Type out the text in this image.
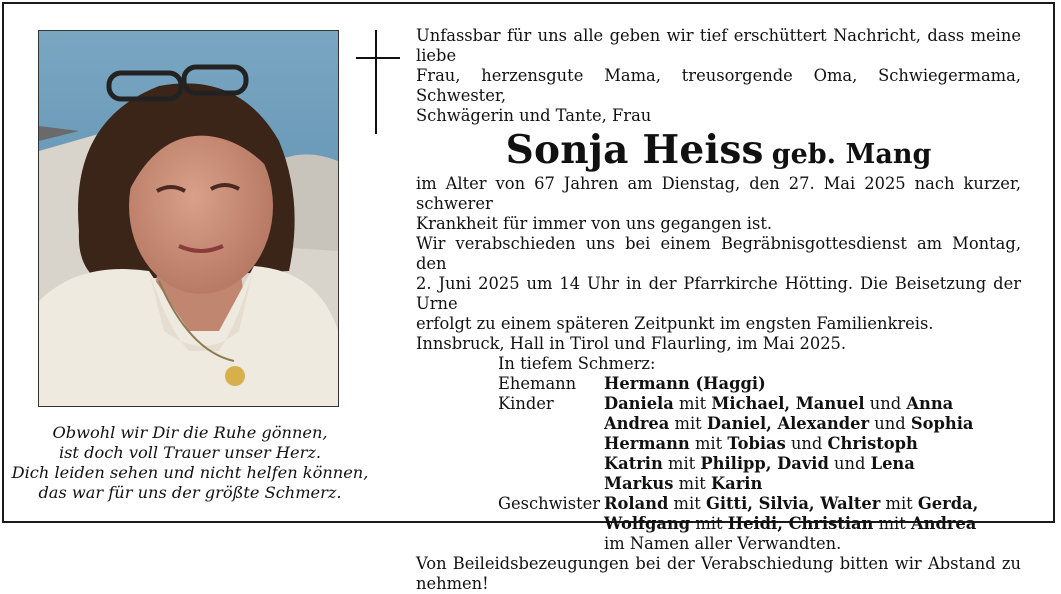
Obwohl wir Dir die Ruhe gönnen,
ist doch voll Trauer unser Herz.
Dich leiden sehen und nicht helfen können,
das war für uns der größte Schmerz.
Unfassbar für uns alle geben wir tief erschüttert Nachricht, dass meine liebe
Frau, herzensgute Mama, treusorgende Oma, Schwiegermama, Schwester,
Schwägerin und Tante, Frau
Sonja Heiss geb. Mang
im Alter von 67 Jahren am Dienstag, den 27. Mai 2025 nach kurzer, schwerer
Krankheit für immer von uns gegangen ist.
Wir verabschieden uns bei einem Begräbnisgottesdienst am Montag, den
2. Juni 2025 um 14 Uhr in der Pfarrkirche Hötting. Die Beisetzung der Urne
erfolgt zu einem späteren Zeitpunkt im engsten Familienkreis.
Innsbruck, Hall in Tirol und Flaurling, im Mai 2025.
In tiefem Schmerz:
Ehemann Hermann (Haggi)
Kinder	Daniela mit Michael, Manuel und Anna
Andrea mit Daniel, Alexander und Sophia
Hermann mit Tobias und Christoph
Katrin mit Philipp, David und Lena
Markus mit Karin
Geschwister Roland mit Gitti, Silvia, Walter mit Gerda,
Wolfgang mit Heidi, Christian mit Andrea
im Namen aller Verwandten.
Von Beileidsbezeugungen bei der Verabschiedung bitten wir Abstand zu
nehmen!
